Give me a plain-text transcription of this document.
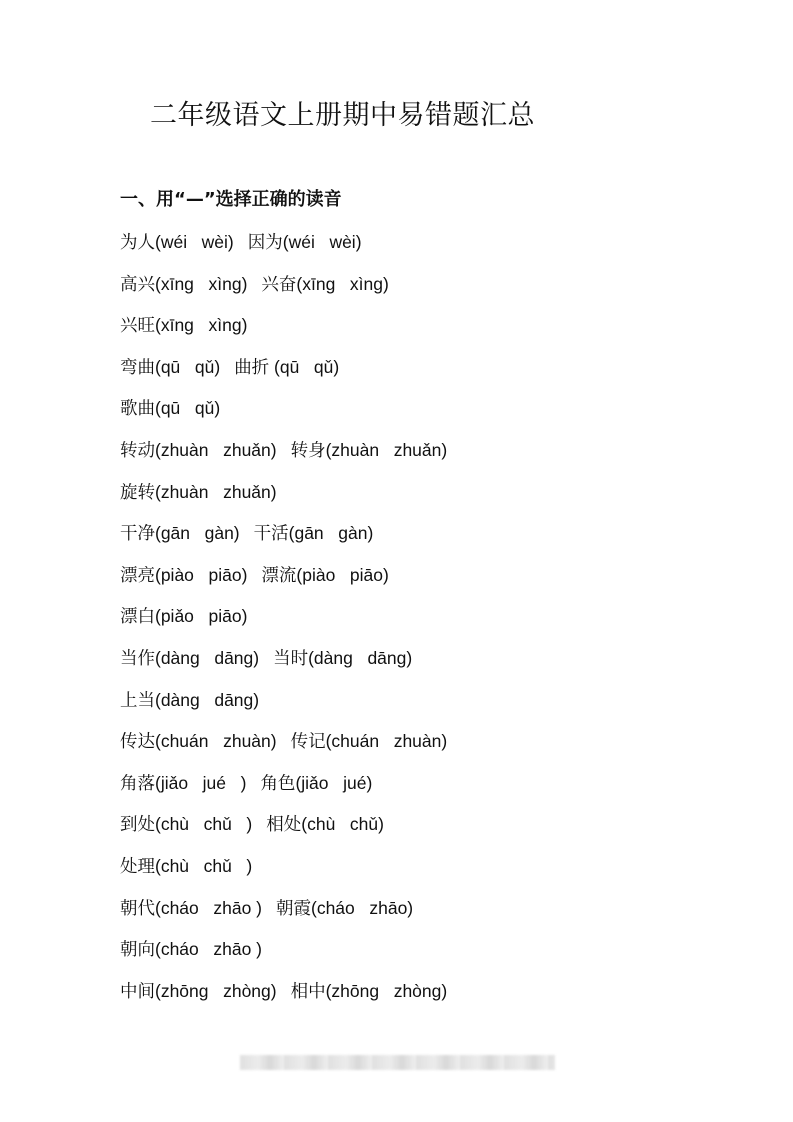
二年级语文上册期中易错题汇总
一、用“—”选择正确的读音
为人(wéi   wèi) 因为(wéi   wèi)
高兴(xīng   xìng) 兴奋(xīng   xìng)
兴旺(xīng   xìng)
弯曲(qū   qǔ) 曲折 (qū   qǔ)
歌曲(qū   qǔ)
转动(zhuàn   zhuǎn) 转身(zhuàn   zhuǎn)
旋转(zhuàn   zhuǎn)
干净(gān   gàn) 干活(gān   gàn)
漂亮(piào   piāo) 漂流(piào   piāo)
漂白(piǎo   piāo)
当作(dàng   dāng) 当时(dàng   dāng)
上当(dàng   dāng)
传达(chuán   zhuàn) 传记(chuán   zhuàn)
角落(jiǎo   jué   ) 角色(jiǎo   jué)
到处(chù   chǔ   ) 相处(chù   chǔ)
处理(chù   chǔ   )
朝代(cháo   zhāo ) 朝霞(cháo   zhāo)
朝向(cháo   zhāo )
中间(zhōng   zhòng) 相中(zhōng   zhòng)
